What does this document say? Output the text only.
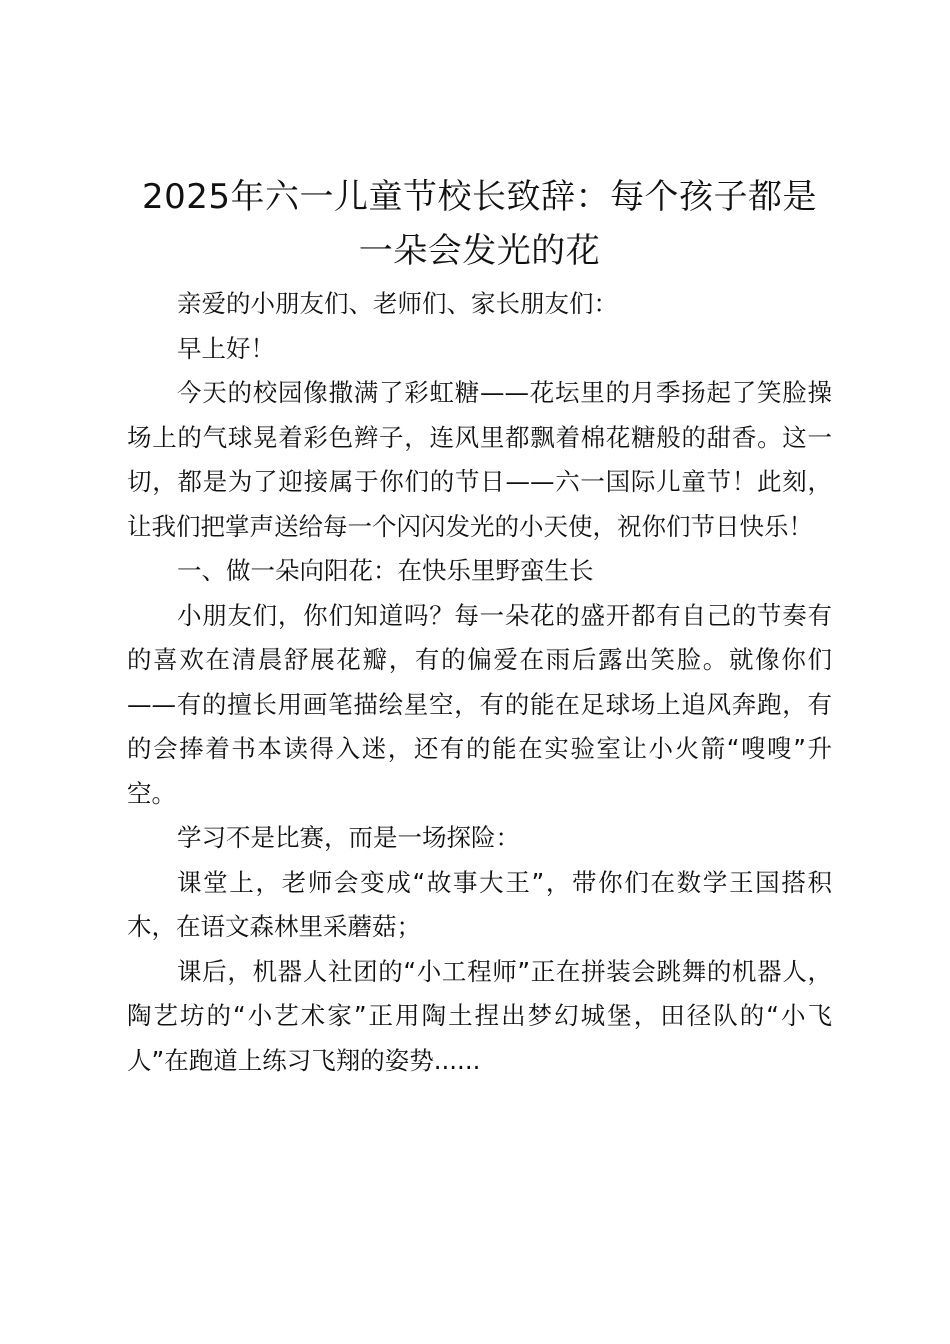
2025年六一儿童节校长致辞：每个孩子都是
一朵会发光的花

亲爱的小朋友们、老师们、家长朋友们：

早上好！

今天的校园像撒满了彩虹糖——花坛里的月季扬起了笑脸操场上的气球晃着彩色辫子，连风里都飘着棉花糖般的甜香。这一切，都是为了迎接属于你们的节日——六一国际儿童节！此刻，让我们把掌声送给每一个闪闪发光的小天使，祝你们节日快乐！

一、做一朵向阳花：在快乐里野蛮生长

小朋友们，你们知道吗？每一朵花的盛开都有自己的节奏有的喜欢在清晨舒展花瓣，有的偏爱在雨后露出笑脸。就像你们——有的擅长用画笔描绘星空，有的能在足球场上追风奔跑，有的会捧着书本读得入迷，还有的能在实验室让小火箭“嗖嗖”升空。

学习不是比赛，而是一场探险：

课堂上，老师会变成“故事大王”，带你们在数学王国搭积木，在语文森林里采蘑菇；

课后，机器人社团的“小工程师”正在拼装会跳舞的机器人，陶艺坊的“小艺术家”正用陶土捏出梦幻城堡，田径队的“小飞人”在跑道上练习飞翔的姿势......
